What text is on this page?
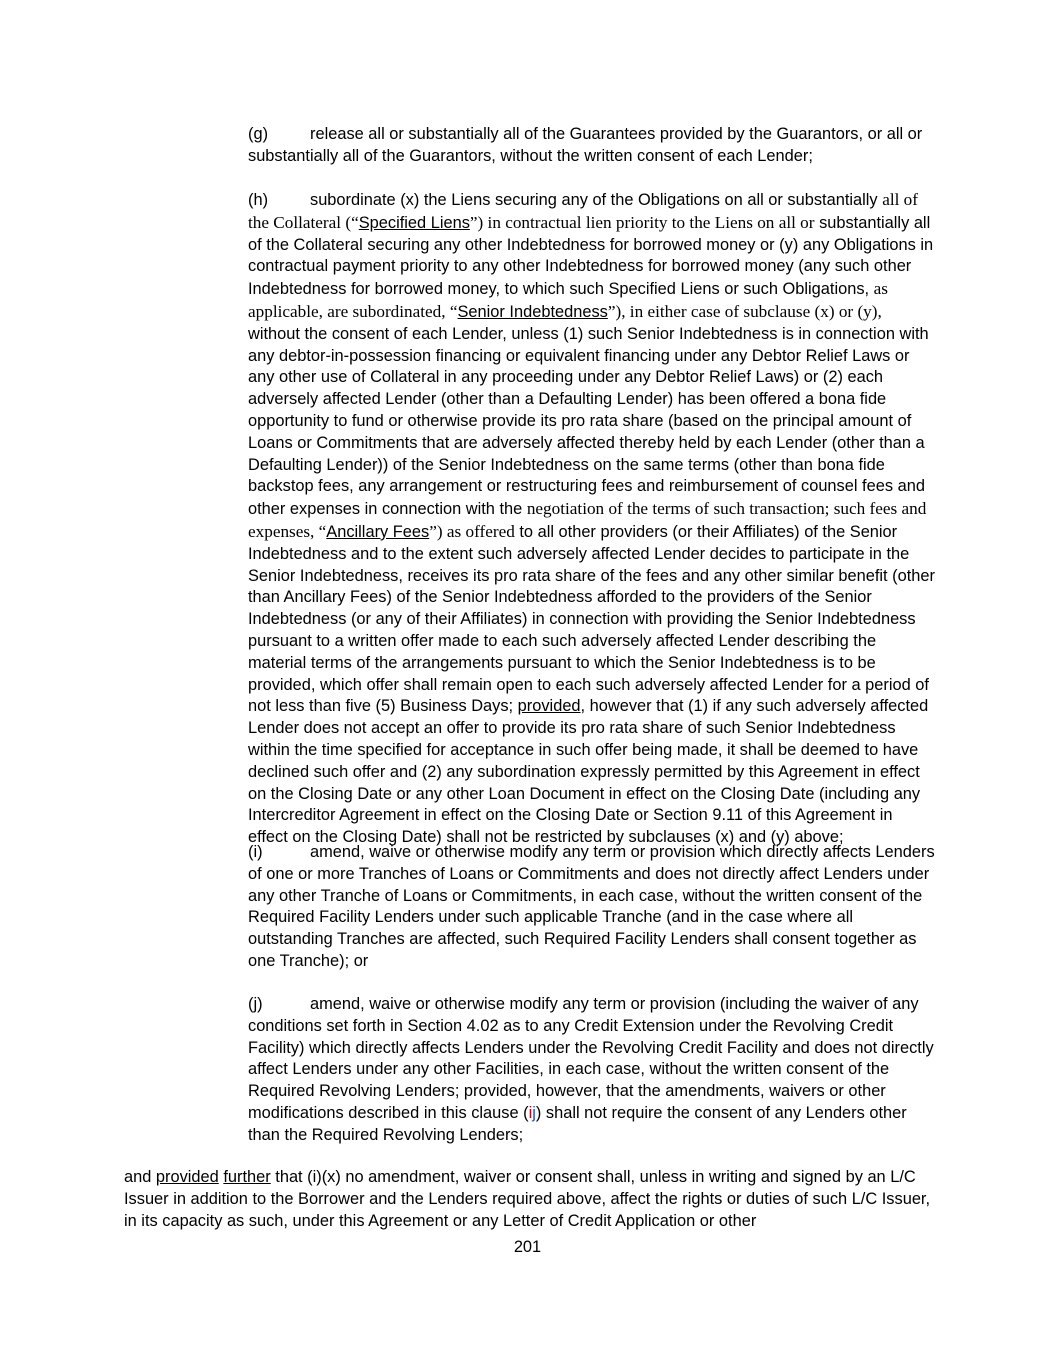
(g)	release all or substantially all of the Guarantees provided by the Guarantors, or all or substantially all of the Guarantors, without the written consent of each Lender;
(h)	subordinate (x) the Liens securing any of the Obligations on all or substantially all of the Collateral (“Specified Liens”) in contractual lien priority to the Liens on all or substantially all of the Collateral securing any other Indebtedness for borrowed money or (y) any Obligations in contractual payment priority to any other Indebtedness for borrowed money (any such other Indebtedness for borrowed money, to which such Specified Liens or such Obligations, as applicable, are subordinated, “Senior Indebtedness”), in either case of subclause (x) or (y), without the consent of each Lender, unless (1) such Senior Indebtedness is in connection with any debtor-in-possession financing or equivalent financing under any Debtor Relief Laws or any other use of Collateral in any proceeding under any Debtor Relief Laws) or (2) each adversely affected Lender (other than a Defaulting Lender) has been offered a bona fide opportunity to fund or otherwise provide its pro rata share (based on the principal amount of Loans or Commitments that are adversely affected thereby held by each Lender (other than a Defaulting Lender)) of the Senior Indebtedness on the same terms (other than bona fide backstop fees, any arrangement or restructuring fees and reimbursement of counsel fees and other expenses in connection with the negotiation of the terms of such transaction; such fees and expenses, “Ancillary Fees”) as offered to all other providers (or their Affiliates) of the Senior Indebtedness and to the extent such adversely affected Lender decides to participate in the Senior Indebtedness, receives its pro rata share of the fees and any other similar benefit (other than Ancillary Fees) of the Senior Indebtedness afforded to the providers of the Senior Indebtedness (or any of their Affiliates) in connection with providing the Senior Indebtedness pursuant to a written offer made to each such adversely affected Lender describing the material terms of the arrangements pursuant to which the Senior Indebtedness is to be provided, which offer shall remain open to each such adversely affected Lender for a period of not less than five (5) Business Days; provided, however that (1) if any such adversely affected Lender does not accept an offer to provide its pro rata share of such Senior Indebtedness within the time specified for acceptance in such offer being made, it shall be deemed to have declined such offer and (2) any subordination expressly permitted by this Agreement in effect on the Closing Date or any other Loan Document in effect on the Closing Date (including any Intercreditor Agreement in effect on the Closing Date or Section 9.11 of this Agreement in effect on the Closing Date) shall not be restricted by subclauses (x) and (y) above;
(i)	amend, waive or otherwise modify any term or provision which directly affects Lenders of one or more Tranches of Loans or Commitments and does not directly affect Lenders under any other Tranche of Loans or Commitments, in each case, without the written consent of the Required Facility Lenders under such applicable Tranche (and in the case where all outstanding Tranches are affected, such Required Facility Lenders shall consent together as one Tranche); or
(j)	amend, waive or otherwise modify any term or provision (including the waiver of any conditions set forth in Section 4.02 as to any Credit Extension under the Revolving Credit Facility) which directly affects Lenders under the Revolving Credit Facility and does not directly affect Lenders under any other Facilities, in each case, without the written consent of the Required Revolving Lenders; provided, however, that the amendments, waivers or other modifications described in this clause (ij) shall not require the consent of any Lenders other than the Required Revolving Lenders;
and provided further that (i)(x) no amendment, waiver or consent shall, unless in writing and signed by an L/C Issuer in addition to the Borrower and the Lenders required above, affect the rights or duties of such L/C Issuer, in its capacity as such, under this Agreement or any Letter of Credit Application or other
201
